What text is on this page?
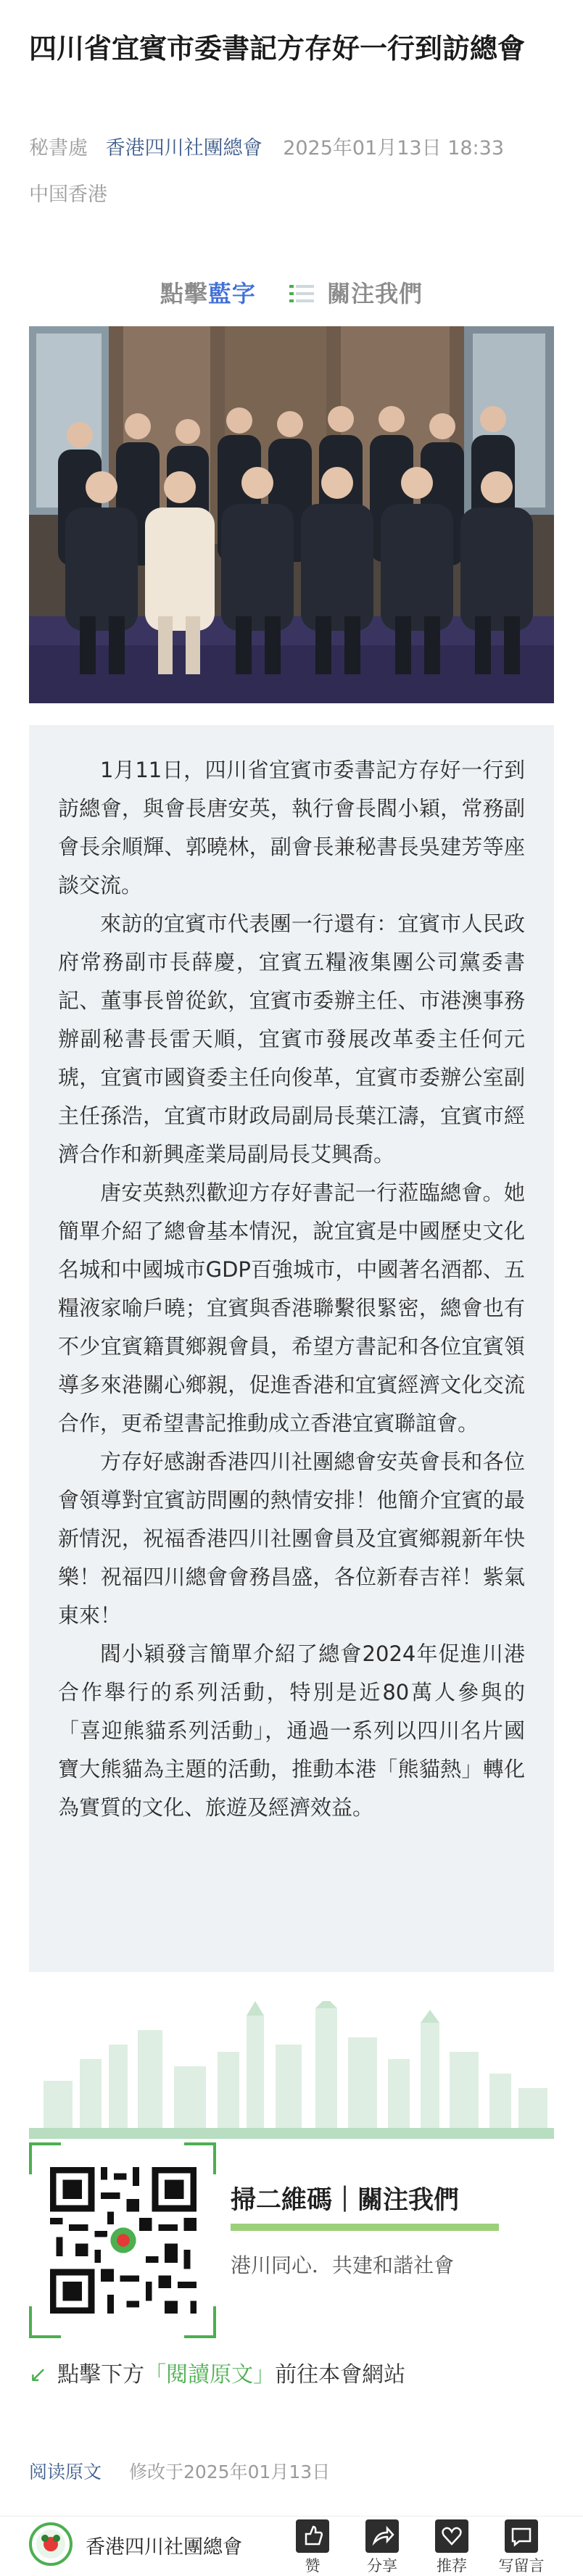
四川省宜賓市委書記方存好一行到訪總會
秘書處 香港四川社團總會 2025年01月13日 18:33
中国香港
點擊藍字	關注我們

1月11日，四川省宜賓市委書記方存好一行到訪總會，與會長唐安英，執行會長閻小穎，常務副會長余順輝、郭曉林，副會長兼秘書長吳建芳等座談交流。

來訪的宜賓市代表團一行還有：宜賓市人民政府常務副市長薛慶，宜賓五糧液集團公司黨委書記、董事長曾從欽，宜賓市委辦主任、市港澳事務辦副秘書長雷天順，宜賓市發展改革委主任何元琥，宜賓市國資委主任向俊革，宜賓市委辦公室副主任孫浩，宜賓市財政局副局長葉江濤，宜賓市經濟合作和新興產業局副局長艾興喬。

唐安英熱烈歡迎方存好書記一行蒞臨總會。她簡單介紹了總會基本情況，說宜賓是中國歷史文化名城和中國城市GDP百強城市，中國著名酒都、五糧液家喻戶曉；宜賓與香港聯繫很緊密，總會也有不少宜賓籍貫鄉親會員，希望方書記和各位宜賓領導多來港關心鄉親，促進香港和宜賓經濟文化交流合作，更希望書記推動成立香港宜賓聯誼會。

方存好感謝香港四川社團總會安英會長和各位會領導對宜賓訪問團的熱情安排！他簡介宜賓的最新情況，祝福香港四川社團會員及宜賓鄉親新年快樂！祝福四川總會會務昌盛，各位新春吉祥！紫氣東來！

閻小穎發言簡單介紹了總會2024年促進川港合作舉行的系列活動，特別是近80萬人參與的「喜迎熊貓系列活動」，通過一系列以四川名片國寶大熊貓為主題的活動，推動本港「熊貓熱」轉化為實質的文化、旅遊及經濟效益。

掃二維碼｜關注我們
港川同心．共建和諧社會
↙ 點擊下方「閱讀原文」前往本會網站
阅读原文 修改于2025年01月13日
香港四川社團總會
赞	分享	推荐	写留言
